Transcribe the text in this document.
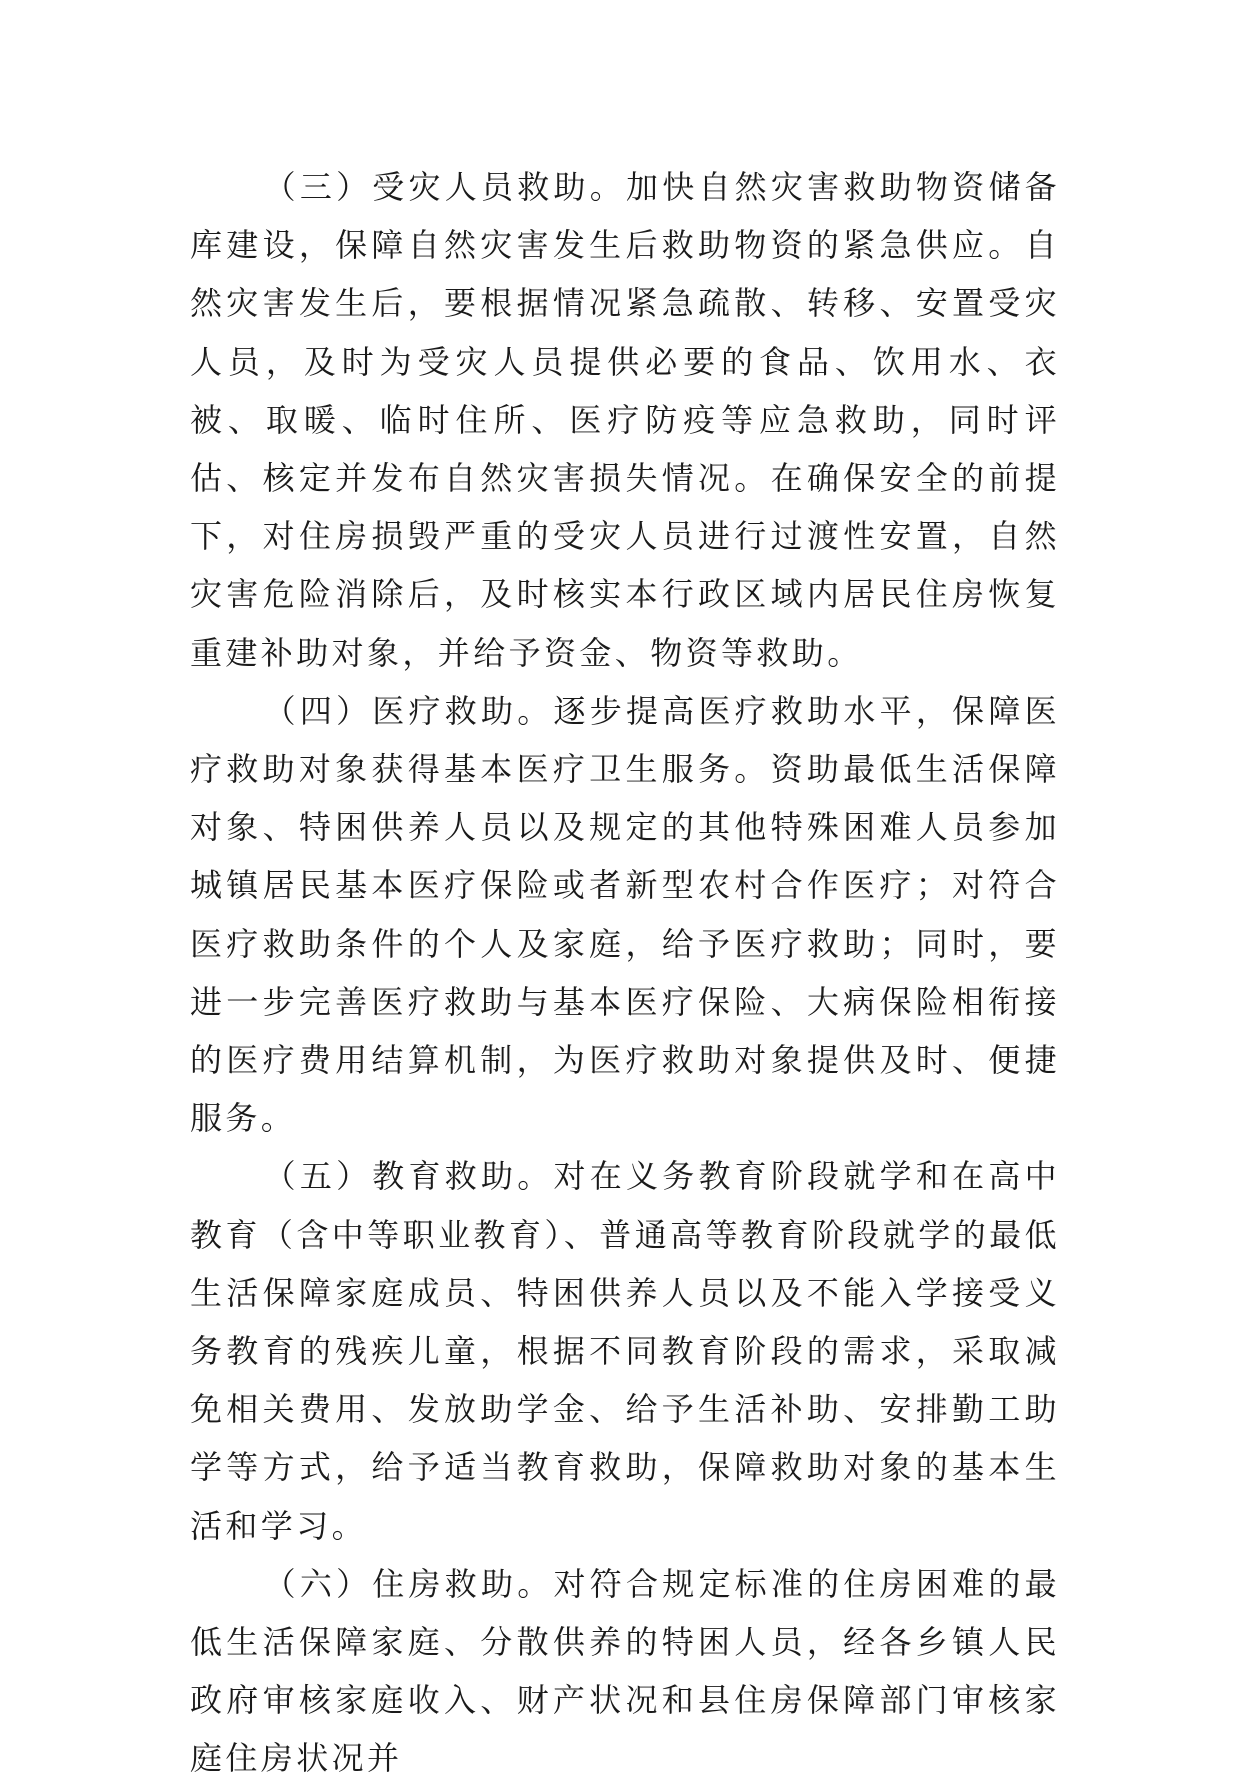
（三）受灾人员救助。加快自然灾害救助物资储备库建设，保障自然灾害发生后救助物资的紧急供应。自然灾害发生后，要根据情况紧急疏散、转移、安置受灾人员，及时为受灾人员提供必要的食品、饮用水、衣被、取暖、临时住所、医疗防疫等应急救助，同时评估、核定并发布自然灾害损失情况。在确保安全的前提下，对住房损毁严重的受灾人员进行过渡性安置，自然灾害危险消除后，及时核实本行政区域内居民住房恢复重建补助对象，并给予资金、物资等救助。

（四）医疗救助。逐步提高医疗救助水平，保障医疗救助对象获得基本医疗卫生服务。资助最低生活保障对象、特困供养人员以及规定的其他特殊困难人员参加城镇居民基本医疗保险或者新型农村合作医疗；对符合医疗救助条件的个人及家庭，给予医疗救助；同时，要进一步完善医疗救助与基本医疗保险、大病保险相衔接的医疗费用结算机制，为医疗救助对象提供及时、便捷服务。

（五）教育救助。对在义务教育阶段就学和在高中教育（含中等职业教育）、普通高等教育阶段就学的最低生活保障家庭成员、特困供养人员以及不能入学接受义务教育的残疾儿童，根据不同教育阶段的需求，采取减免相关费用、发放助学金、给予生活补助、安排勤工助学等方式，给予适当教育救助，保障救助对象的基本生活和学习。

（六）住房救助。对符合规定标准的住房困难的最低生活保障家庭、分散供养的特困人员，经各乡镇人民政府审核家庭收入、财产状况和县住房保障部门审核家庭住房状况并
